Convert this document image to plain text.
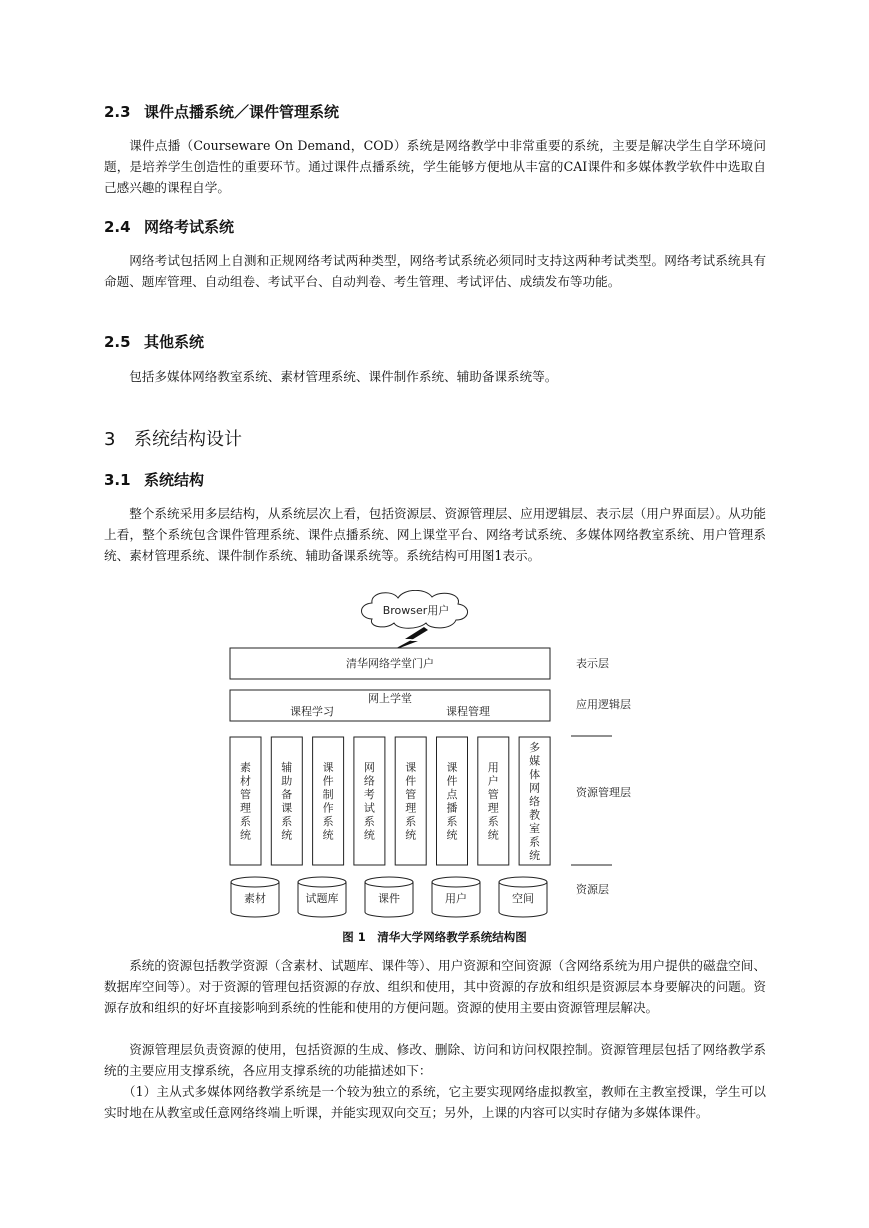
2.3 课件点播系统／课件管理系统
课件点播（Courseware On Demand，COD）系统是网络教学中非常重要的系统，主要是解决学生自学环境问题，是培养学生创造性的重要环节。通过课件点播系统，学生能够方便地从丰富的CAI课件和多媒体教学软件中选取自己感兴趣的课程自学。
2.4 网络考试系统
网络考试包括网上自测和正规网络考试两种类型，网络考试系统必须同时支持这两种考试类型。网络考试系统具有命题、题库管理、自动组卷、考试平台、自动判卷、考生管理、考试评估、成绩发布等功能。
2.5 其他系统
包括多媒体网络教室系统、素材管理系统、课件制作系统、辅助备课系统等。
3 系统结构设计
3.1 系统结构
整个系统采用多层结构，从系统层次上看，包括资源层、资源管理层、应用逻辑层、表示层（用户界面层）。从功能上看，整个系统包含课件管理系统、课件点播系统、网上课堂平台、网络考试系统、多媒体网络教室系统、用户管理系统、素材管理系统、课件制作系统、辅助备课系统等。系统结构可用图1表示。
Browser用户
清华网络学堂门户
网上学堂
课程学习	课程管理
素材管理系统
辅助备课系统
课件制作系统
网络考试系统
课件管理系统
课件点播系统
用户管理系统
多媒体网络教室系统
素材	试题库	课件	用户	空间
表示层
应用逻辑层
资源管理层
资源层
图 1　清华大学网络教学系统结构图
系统的资源包括教学资源（含素材、试题库、课件等）、用户资源和空间资源（含网络系统为用户提供的磁盘空间、数据库空间等）。对于资源的管理包括资源的存放、组织和使用，其中资源的存放和组织是资源层本身要解决的问题。资源存放和组织的好坏直接影响到系统的性能和使用的方便问题。资源的使用主要由资源管理层解决。
资源管理层负责资源的使用，包括资源的生成、修改、删除、访问和访问权限控制。资源管理层包括了网络教学系统的主要应用支撑系统，各应用支撑系统的功能描述如下：
（1）主从式多媒体网络教学系统是一个较为独立的系统，它主要实现网络虚拟教室，教师在主教室授课，学生可以实时地在从教室或任意网络终端上听课，并能实现双向交互；另外，上课的内容可以实时存储为多媒体课件。
